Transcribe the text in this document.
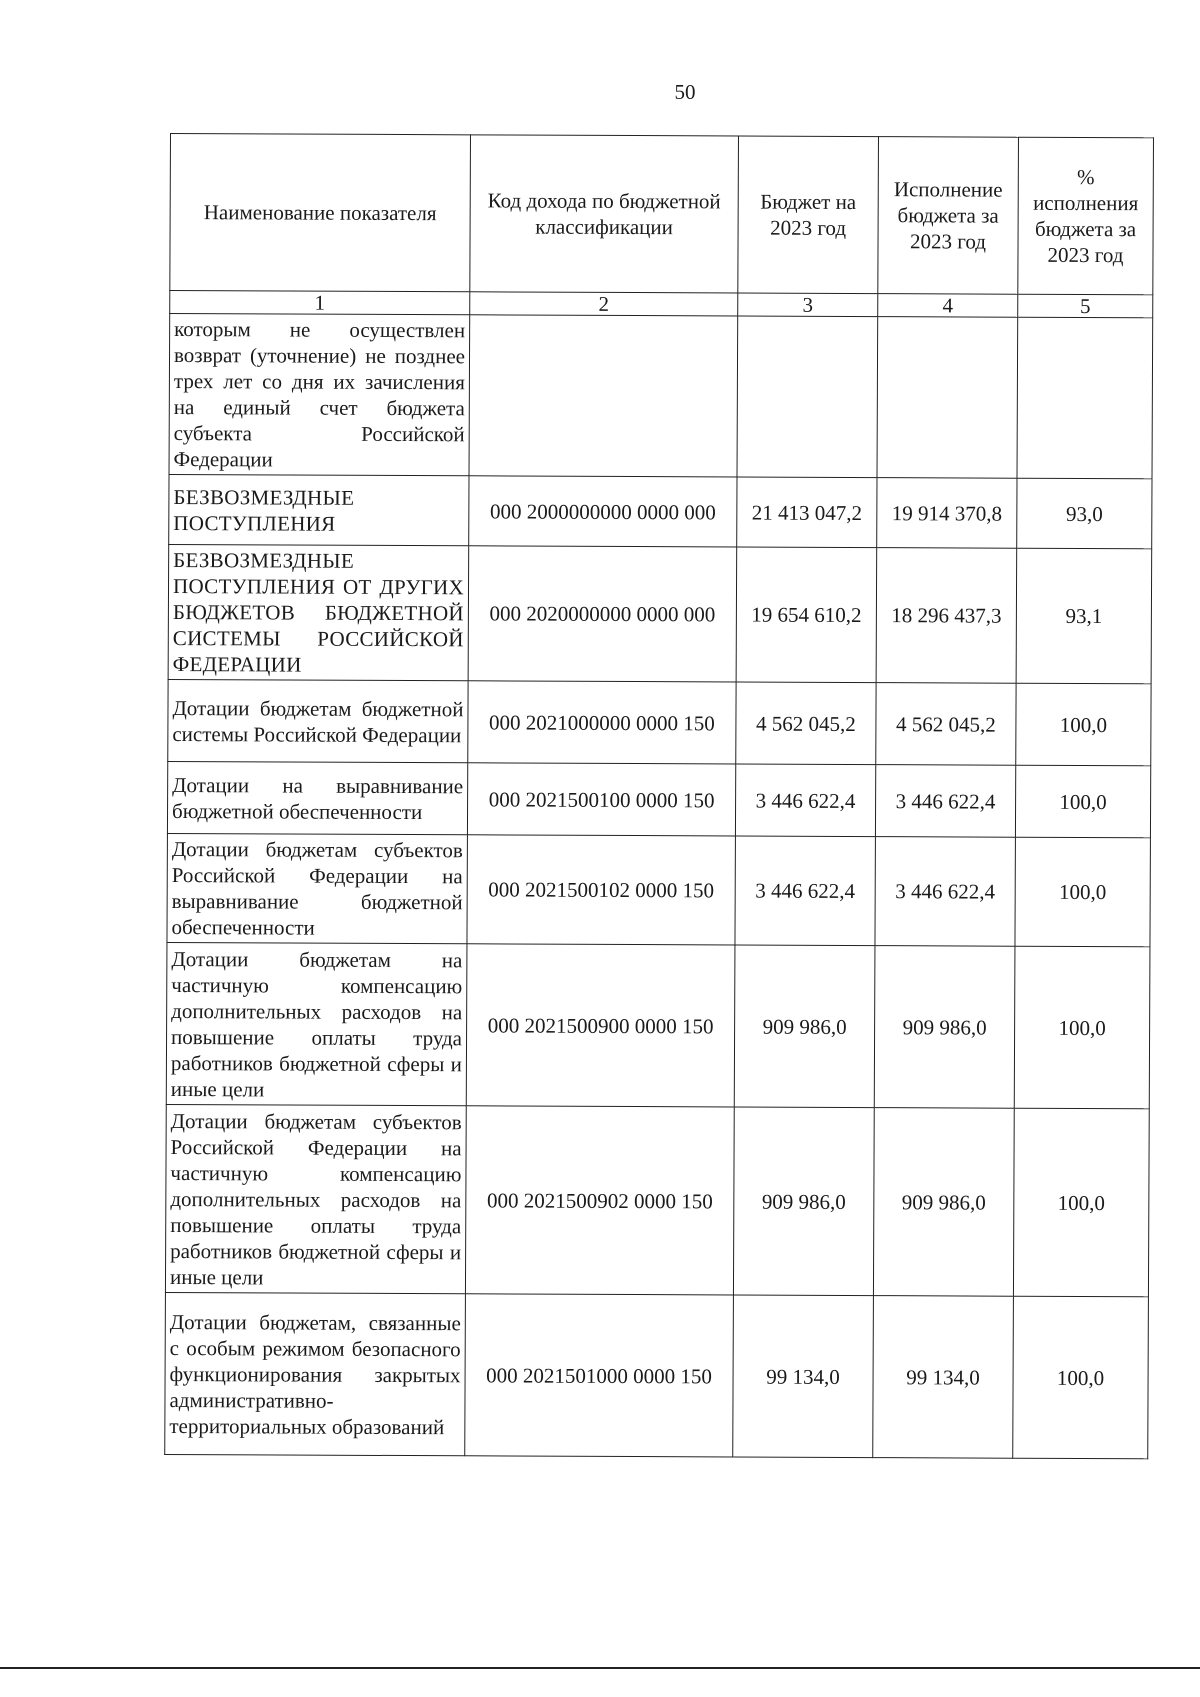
50
Наименование показателя	Код дохода по бюджетной классификации	Бюджет на 2023 год	Исполнение бюджета за 2023 год	% исполнения бюджета за 2023 год
1	2	3	4	5
которым не осуществлен возврат (уточнение) не позднее трех лет со дня их зачисления на единый счет бюджета субъекта Российской Федерации				
БЕЗВОЗМЕЗДНЫЕ ПОСТУПЛЕНИЯ	000 2000000000 0000 000	21 413 047,2	19 914 370,8	93,0
БЕЗВОЗМЕЗДНЫЕ ПОСТУПЛЕНИЯ ОТ ДРУГИХ БЮДЖЕТОВ БЮДЖЕТНОЙ СИСТЕМЫ РОССИЙСКОЙ ФЕДЕРАЦИИ	000 2020000000 0000 000	19 654 610,2	18 296 437,3	93,1
Дотации бюджетам бюджетной системы Российской Федерации	000 2021000000 0000 150	4 562 045,2	4 562 045,2	100,0
Дотации на выравнивание бюджетной обеспеченности	000 2021500100 0000 150	3 446 622,4	3 446 622,4	100,0
Дотации бюджетам субъектов Российской Федерации на выравнивание бюджетной обеспеченности	000 2021500102 0000 150	3 446 622,4	3 446 622,4	100,0
Дотации бюджетам на частичную компенсацию дополнительных расходов на повышение оплаты труда работников бюджетной сферы и иные цели	000 2021500900 0000 150	909 986,0	909 986,0	100,0
Дотации бюджетам субъектов Российской Федерации на частичную компенсацию дополнительных расходов на повышение оплаты труда работников бюджетной сферы и иные цели	000 2021500902 0000 150	909 986,0	909 986,0	100,0
Дотации бюджетам, связанные с особым режимом безопасного функционирования закрытых административно-территориальных образований	000 2021501000 0000 150	99 134,0	99 134,0	100,0
